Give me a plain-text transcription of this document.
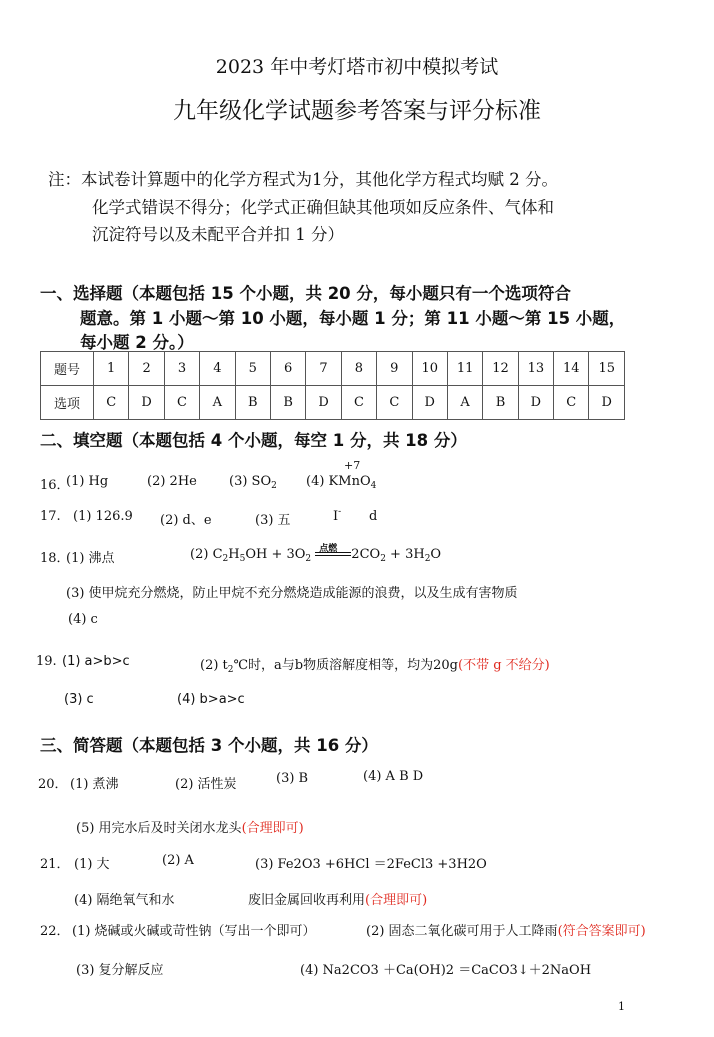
2023 年中考灯塔市初中模拟考试
九年级化学试题参考答案与评分标准
注：本试卷计算题中的化学方程式为1分，其他化学方程式均赋 2 分。
化学式错误不得分；化学式正确但缺其他项如反应条件、气体和
沉淀符号以及未配平合并扣 1 分）
一、选择题（本题包括 15 个小题，共 20 分，每小题只有一个选项符合
题意。第 1 小题～第 10 小题，每小题 1 分；第 11 小题～第 15 小题，
每小题 2 分。）
题号	1	2	3	4	5	6	7	8	9	10	11	12	13	14	15
选项	C	D	C	A	B	B	D	C	C	D	A	B	D	C	D
二、填空题（本题包括 4 个小题，每空 1 分，共 18 分）
16．
(1) Hg	(2) 2He (3) $SO_2$
+7
(4) KMnO$_4$
17. (1) 126.9 (2) d、e	(3) 五	I- d
18．
(1) 沸点	(2) $C_2H_5OH + 3O_2$
点燃 $2CO_2 + 3H_2O$
(3) 使甲烷充分燃烧，防止甲烷不充分燃烧造成能源的浪费，以及生成有害物质
(4) c
19. (1) a>b>c	(2) $t_2℃$时，a与b物质溶解度相等，均为20g(不带 g 不给分)
(3) c	(4) b>a>c
三、简答题（本题包括 3 个小题，共 16 分）
20． (1) 煮沸	(2) 活性炭	(3) B	(4) A B D
(5) 用完水后及时关闭水龙头(合理即可)
21． (1) 大	(2) A	(3) Fe2O3 +6HCl ＝2FeCl3 +3H2O
(4) 隔绝氧气和水	废旧金属回收再利用(合理即可)
22． (1) 烧碱或火碱或苛性钠（写出一个即可）	(2) 固态二氧化碳可用于人工降雨(符合答案即可)
(3) 复分解反应	(4) Na2CO3 ＋Ca(OH)2 ＝CaCO3↓＋2NaOH
1
